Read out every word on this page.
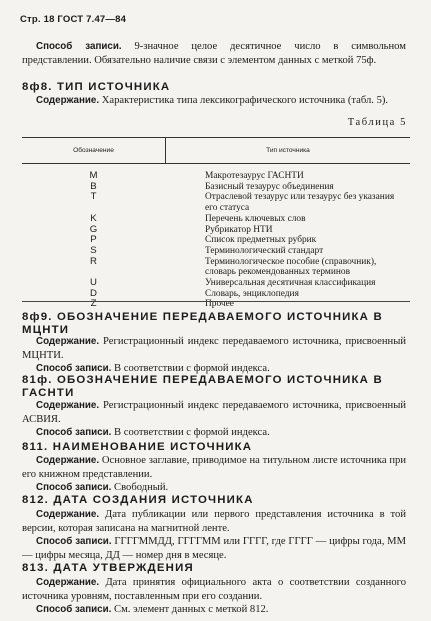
Стр. 18 ГОСТ 7.47—84

Способ записи. 9-значное целое десятичное число в символьном представлении. Обязательно наличие связи с элементом данных с меткой 75ф.

8ф8. ТИП ИСТОЧНИКА

Содержание. Характеристика типа лексикографического источника (табл. 5).

Таблица 5
Обозначение	Тип источника
M	Макротезаурус ГАСНТИ
B	Базисный тезаурус объединения
T	Отраслевой тезаурус или тезаурус без указания его статуса
K	Перечень ключевых слов
G	Рубрикатор НТИ
P	Список предметных рубрик
S	Терминологический стандарт
R	Терминологическое пособие (справочник), словарь рекомендованных терминов
U	Универсальная десятичная классификация
D	Словарь, энциклопедия
Z	Прочее
8ф9. ОБОЗНАЧЕНИЕ ПЕРЕДАВАЕМОГО ИСТОЧНИКА В МЦНТИ

Содержание. Регистрационный индекс передаваемого источника, присвоенный МЦНТИ.

Способ записи. В соответствии с формой индекса.

81ф. ОБОЗНАЧЕНИЕ ПЕРЕДАВАЕМОГО ИСТОЧНИКА В ГАСНТИ

Содержание. Регистрационный индекс передаваемого источника, присвоенный АСВИЯ.

Способ записи. В соответствии с формой индекса.

811. НАИМЕНОВАНИЕ ИСТОЧНИКА

Содержание. Основное заглавие, приводимое на титульном листе источника при его книжном представлении.

Способ записи. Свободный.

812. ДАТА СОЗДАНИЯ ИСТОЧНИКА

Содержание. Дата публикации или первого представления источника в той версии, которая записана на магнитной ленте.

Способ записи. ГГГГММДД, ГГГГММ или ГГГГ, где ГГГГ — цифры года, ММ — цифры месяца, ДД — номер дня в месяце.

813. ДАТА УТВЕРЖДЕНИЯ

Содержание. Дата принятия официального акта о соответствии созданного источника уровням, поставленным при его создании.

Способ записи. См. элемент данных с меткой 812.
